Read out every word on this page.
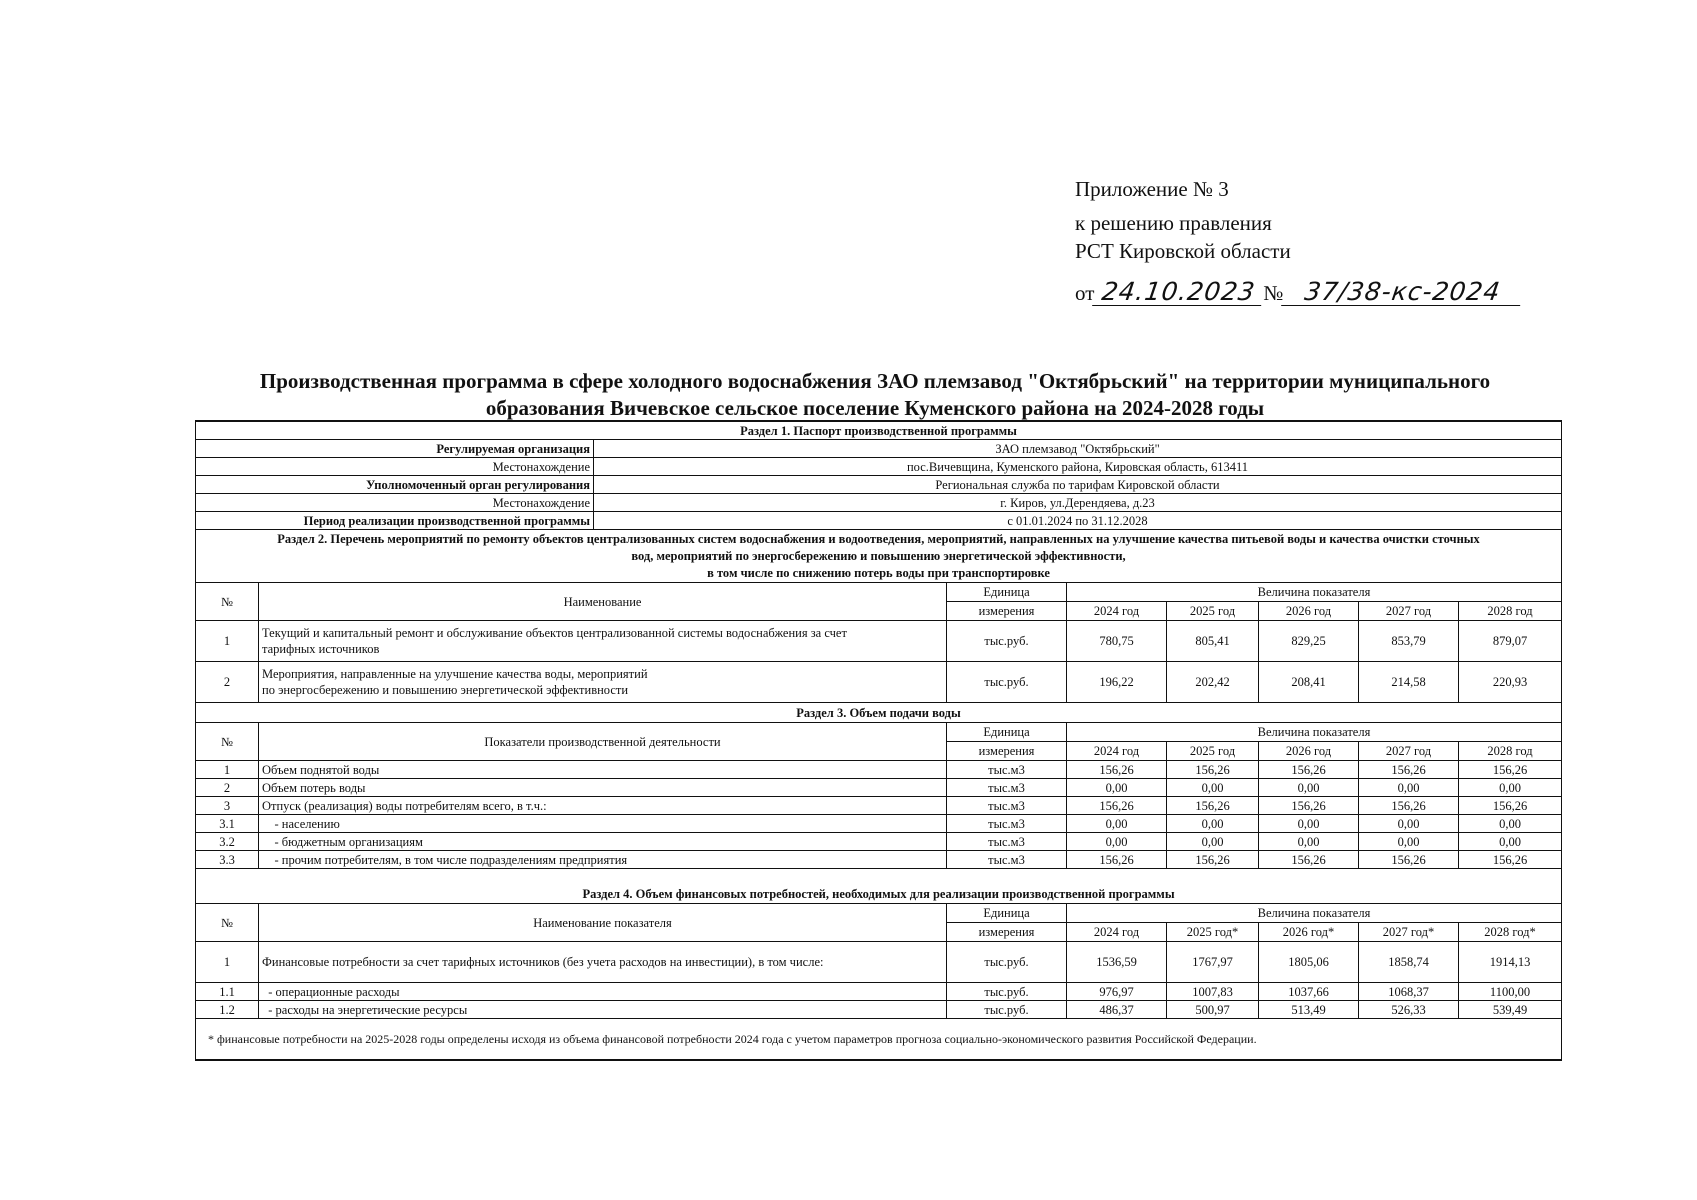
Приложение № 3
к решению правления
РСТ Кировской области
от 24.10.2023 № 37/38-кс-2024
Производственная программа в сфере холодного водоснабжения ЗАО племзавод "Октябрьский" на территории муниципального
образования Вичевское сельское поселение Куменского района на 2024-2028 годы
Раздел 1. Паспорт производственной программы								
Регулируемая организация		ЗАО племзавод "Октябрьский"						
Местонахождение		пос.Вичевщина, Куменского района, Кировская область, 613411						
Уполномоченный орган регулирования		Региональная служба по тарифам Кировской области						
Местонахождение		г. Киров, ул.Дерендяева, д.23						
Период реализации производственной программы		с 01.01.2024 по 31.12.2028						

Раздел 2. Перечень мероприятий по ремонту объектов централизованных систем водоснабжения и водоотведения, мероприятий, направленных на улучшение качества питьевой воды и качества очистки сточных
вод, мероприятий по энергосбережению и повышению энергетической эффективности,
в том числе по снижению потерь воды при транспортировке								

№	Наименование		Единица	Величина показателя				
			измерения	2024 год	2025 год	2026 год	2027 год	2028 год
1	Текущий и капитальный ремонт и обслуживание объектов централизованной системы водоснабжения за счет
тарифных источников		тыс.руб.	780,75	805,41	829,25	853,79	879,07
2	Мероприятия, направленные на улучшение качества воды, мероприятий
по энергосбережению и повышению энергетической эффективности		тыс.руб.	196,22	202,42	208,41	214,58	220,93
Раздел 3. Объем подачи воды								
№	Показатели производственной деятельности		Единица	Величина показателя				
			измерения	2024 год	2025 год	2026 год	2027 год	2028 год
1	Объем поднятой воды		тыс.м3	156,26	156,26	156,26	156,26	156,26
2	Объем потерь воды		тыс.м3	0,00	0,00	0,00	0,00	0,00
3	Отпуск (реализация) воды потребителям всего, в т.ч.:		тыс.м3	156,26	156,26	156,26	156,26	156,26
3.1	- населению		тыс.м3	0,00	0,00	0,00	0,00	0,00
3.2	- бюджетным организациям		тыс.м3	0,00	0,00	0,00	0,00	0,00
3.3	- прочим потребителям, в том числе подразделениям предприятия		тыс.м3	156,26	156,26	156,26	156,26	156,26

Раздел 4. Объем финансовых потребностей, необходимых для реализации производственной программы								
№	Наименование показателя		Единица	Величина показателя				
			измерения	2024 год	2025 год*	2026 год*	2027 год*	2028 год*
1	Финансовые потребности за счет тарифных источников (без учета расходов на инвестиции), в том числе:		тыс.руб.	1536,59	1767,97	1805,06	1858,74	1914,13
1.1	- операционные расходы		тыс.руб.	976,97	1007,83	1037,66	1068,37	1100,00
1.2	- расходы на энергетические ресурсы		тыс.руб.	486,37	500,97	513,49	526,33	539,49
* финансовые потребности на 2025-2028 годы определены исходя из объема финансовой потребности 2024 года с учетом параметров прогноза социально-экономического развития Российской Федерации.								
